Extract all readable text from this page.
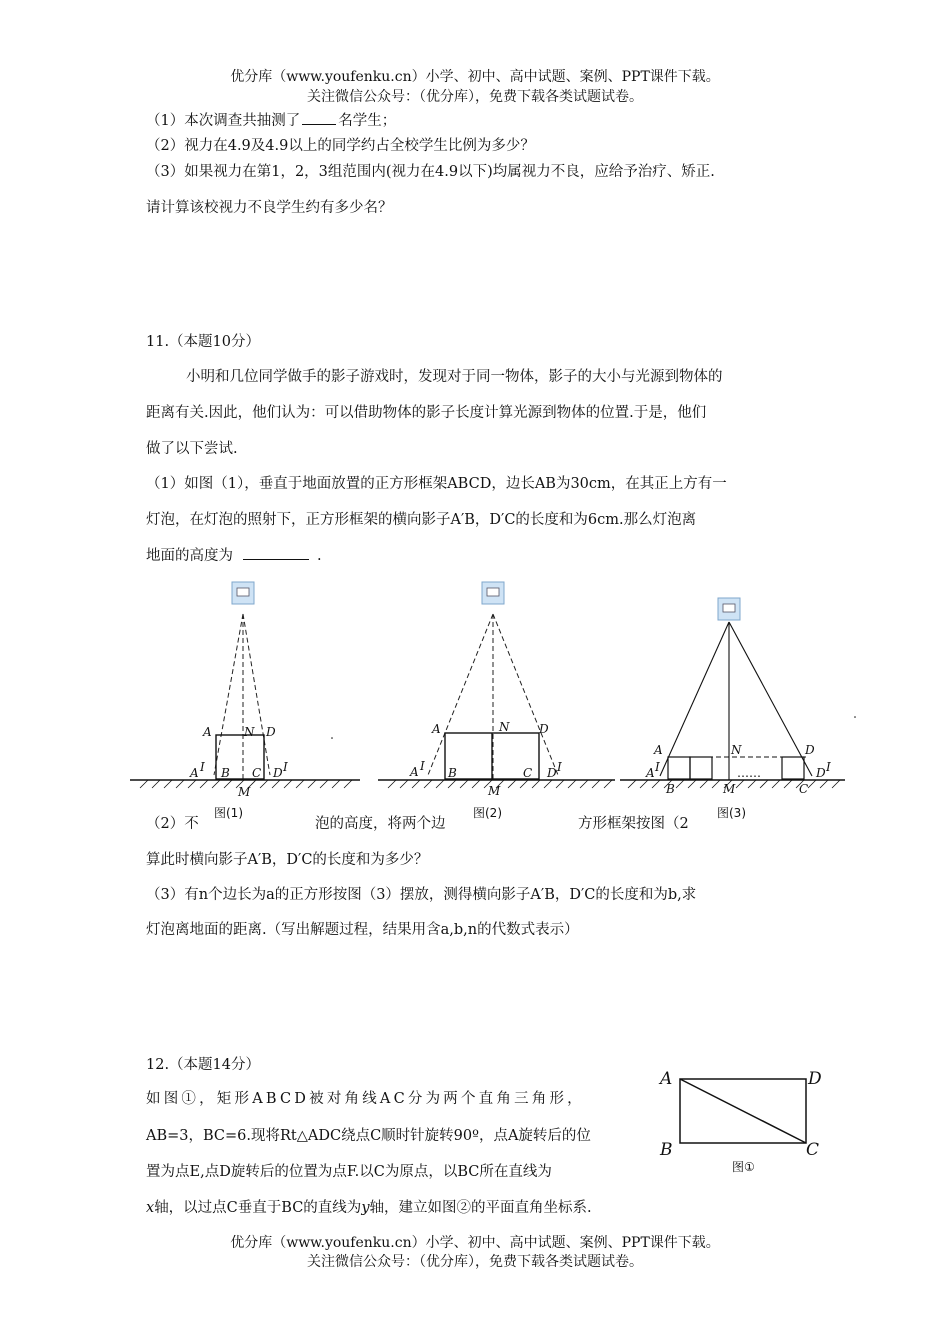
优分库（www.youfenku.cn）小学、初中、高中试题、案例、PPT课件下载。
关注微信公众号：（优分库），免费下载各类试题试卷。
（1）本次调查共抽测了	名学生；
（2）视力在4.9及4.9以上的同学约占全校学生比例为多少？
（3）如果视力在第1，2，3组范围内(视力在4.9以下)均属视力不良，应给予治疗、矫正.
请计算该校视力不良学生约有多少名？
11.（本题10分）
小明和几位同学做手的影子游戏时，发现对于同一物体，影子的大小与光源到物体的
距离有关.因此，他们认为：可以借助物体的影子长度计算光源到物体的位置.于是，他们
做了以下尝试.
（1）如图（1），垂直于地面放置的正方形框架ABCD，边长AB为30cm，在其正上方有一
灯泡，在灯泡的照射下，正方形框架的横向影子A′B，D′C的长度和为6cm.那么灯泡离
地面的高度为	.
A	N D
A I B C D I
M
图(1)
A	N D
A I B	C D I
M
图(2)
A	N	D
A I
B	M	C
D I
……
图(3)
（2）不	泡的高度，将两个边	方形框架按图（2
算此时横向影子A′B，D′C的长度和为多少？
（3）有n个边长为a的正方形按图（3）摆放，测得横向影子A′B，D′C的长度和为b,求
灯泡离地面的距离.（写出解题过程，结果用含a,b,n的代数式表示）
12.（本题14分）
如图①，矩形ABCD被对角线AC分为两个直角三角形，
AB=3，BC=6.现将Rt△ADC绕点C顺时针旋转90º，点A旋转后的位
置为点E,点D旋转后的位置为点F.以C为原点，以BC所在直线为
x轴，以过点C垂直于BC的直线为y轴，建立如图②的平面直角坐标系.
A	D
B	C
图①
优分库（www.youfenku.cn）小学、初中、高中试题、案例、PPT课件下载。
关注微信公众号：（优分库），免费下载各类试题试卷。
